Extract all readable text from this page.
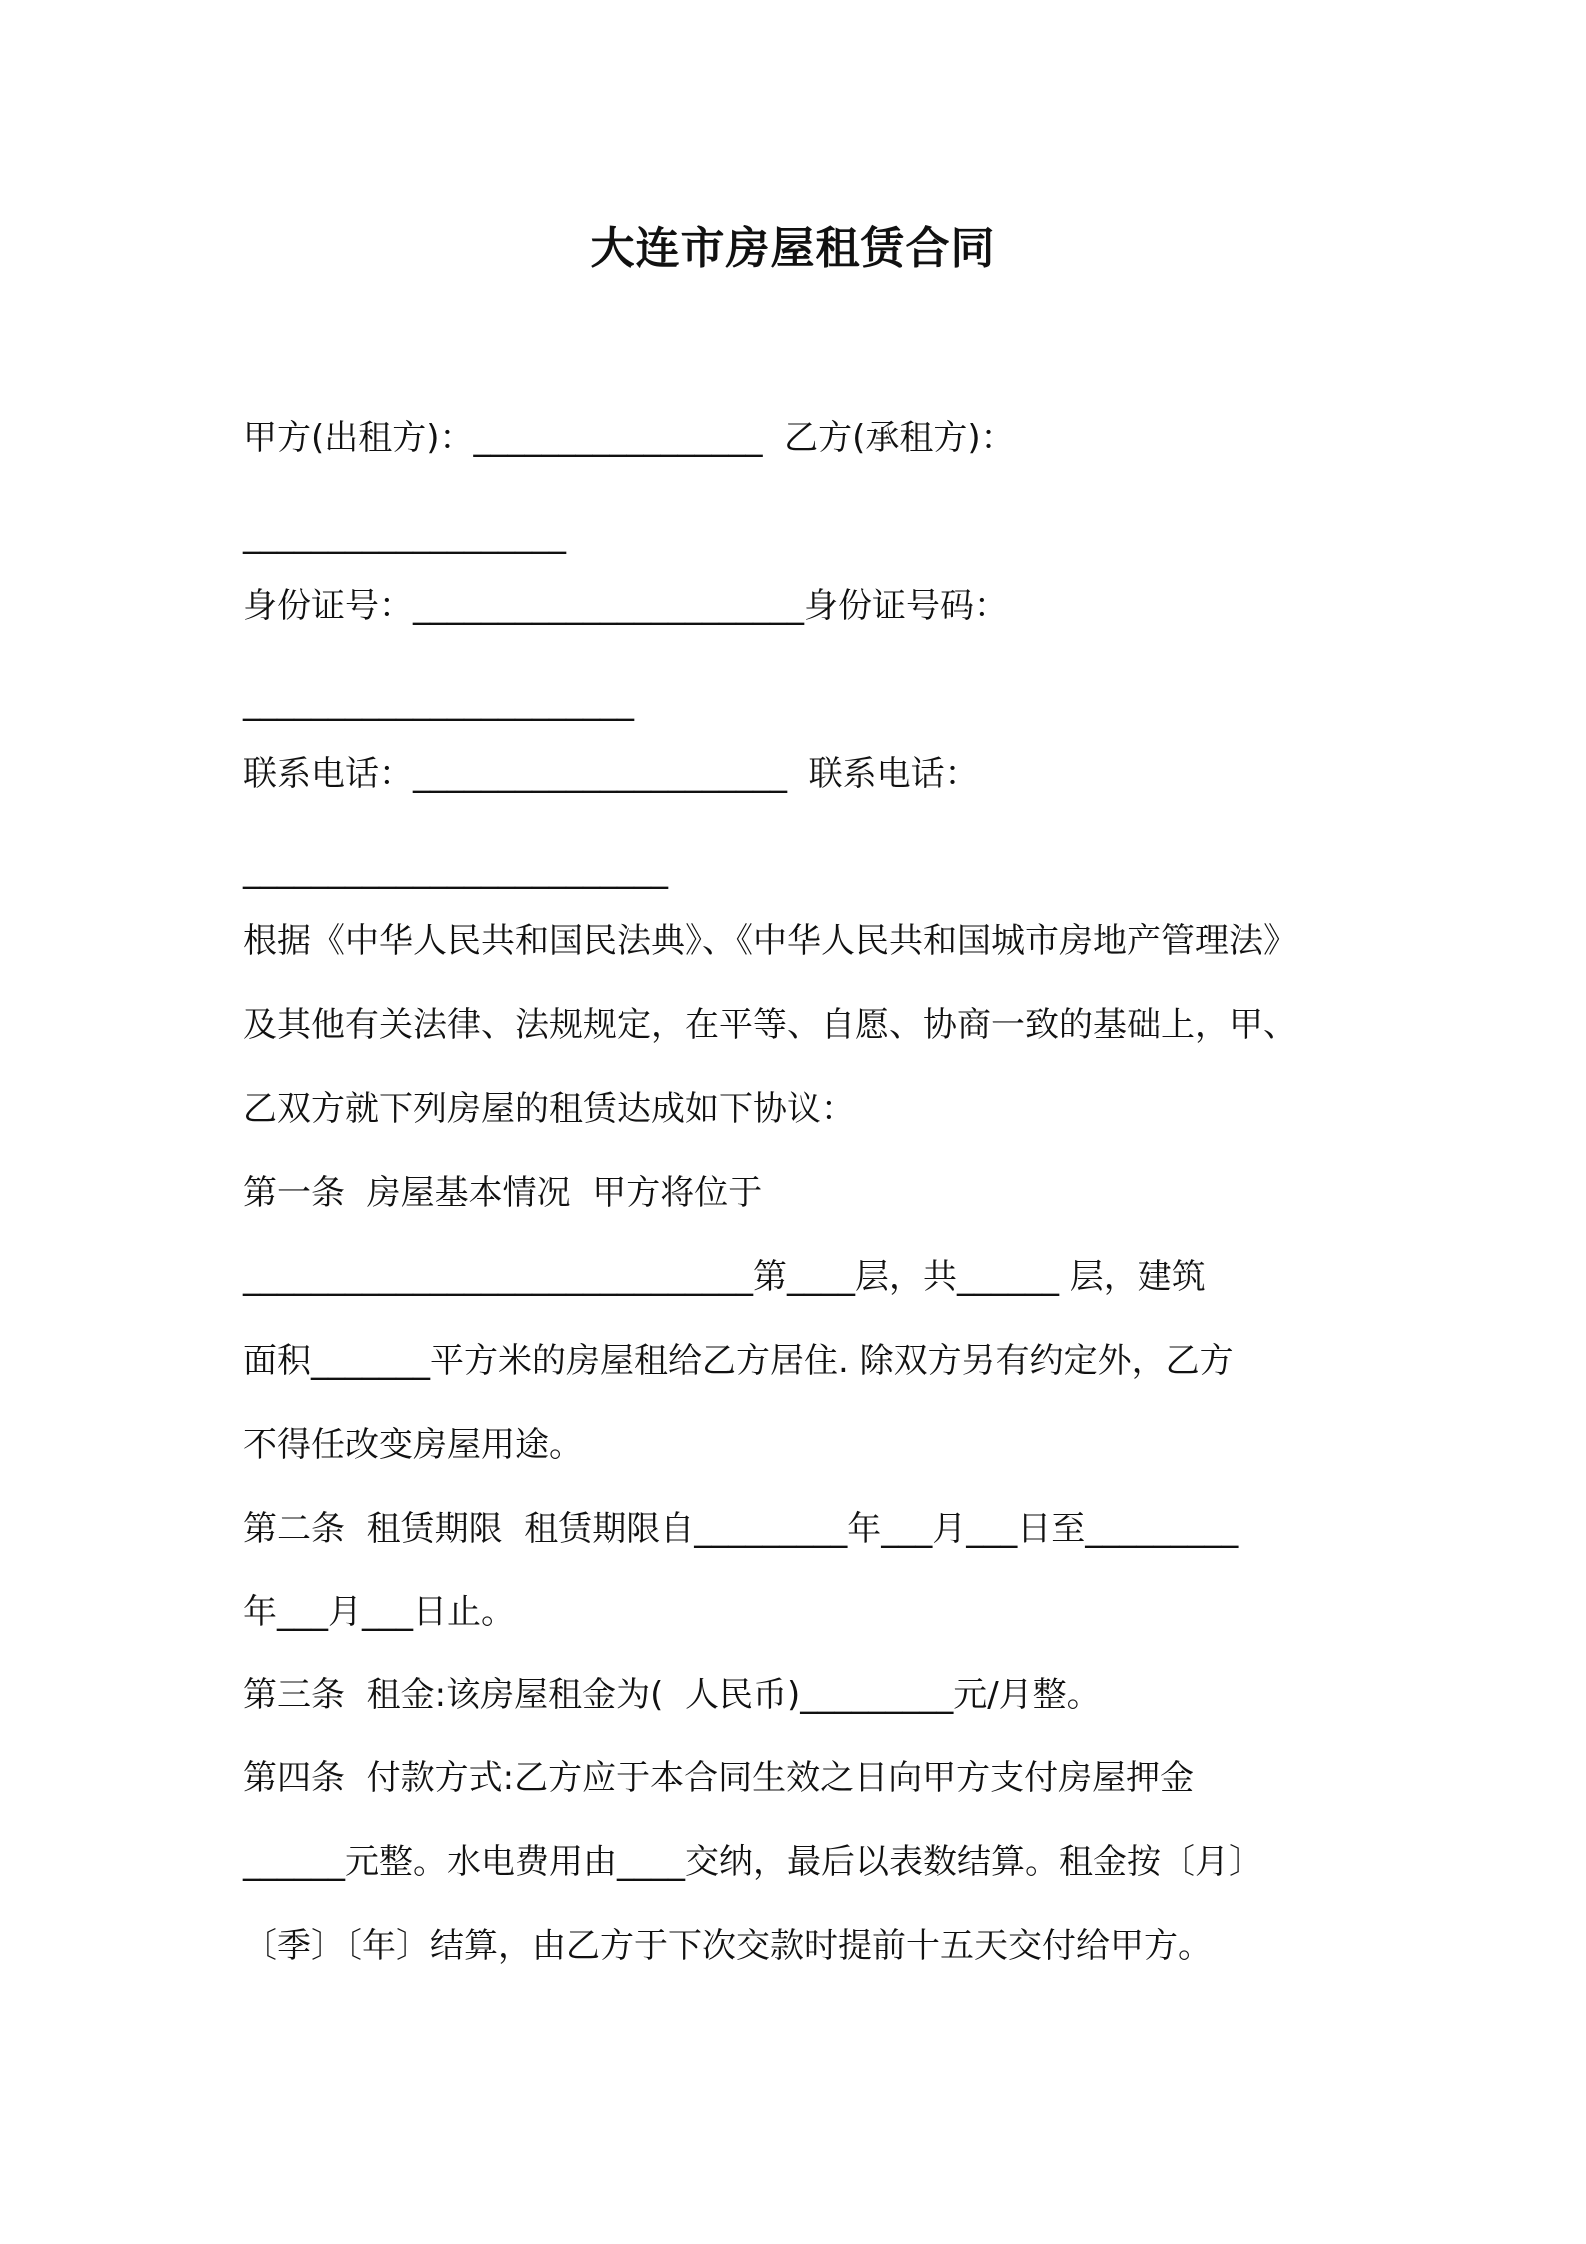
大连市房屋租赁合同
甲方(出租方)：_________________  乙方(承租方)：
___________________
身份证号：_______________________身份证号码：
_______________________
联系电话：______________________  联系电话：
_________________________
根据《中华人民共和国民法典》、《中华人民共和国城市房地产管理法》
及其他有关法律、法规规定，在平等、自愿、协商一致的基础上，甲、
乙双方就下列房屋的租赁达成如下协议：
第一条  房屋基本情况  甲方将位于
______________________________第____层，共______ 层，建筑
面积_______平方米的房屋租给乙方居住. 除双方另有约定外，乙方
不得任改变房屋用途。
第二条  租赁期限  租赁期限自_________年___月___日至_________
年___月___日止。
第三条  租金:该房屋租金为(  人民币)_________元/月整。
第四条  付款方式:乙方应于本合同生效之日向甲方支付房屋押金
______元整。水电费用由____交纳，最后以表数结算。租金按〔月〕
〔季〕〔年〕结算，由乙方于下次交款时提前十五天交付给甲方。
